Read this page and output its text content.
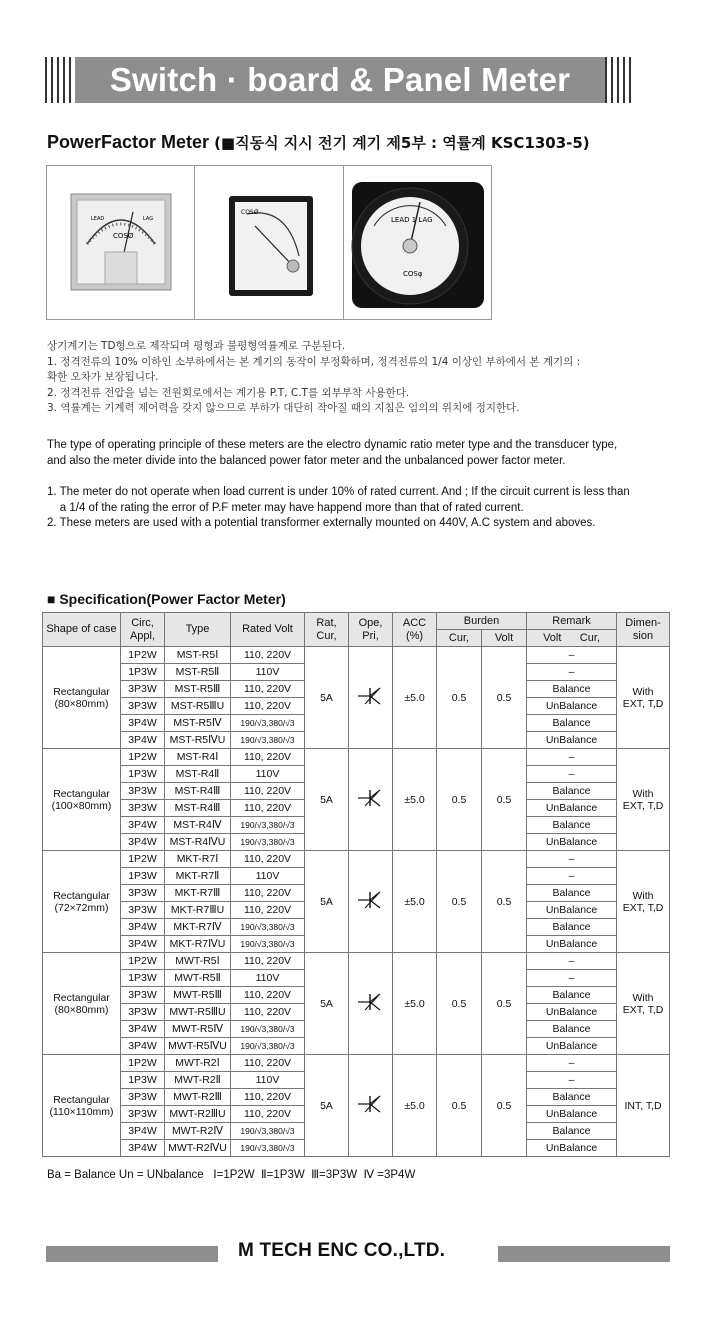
Switch · board & Panel Meter
PowerFactor Meter (■직동식 지시 전기 계기 제5부 : 역률계 KSC1303-5)
LEAD	LAG
COSØ
COSØ
LEAD 1 LAG
COSφ
상기계기는 TD형으로 제작되며 평형과 불평형역률계로 구분된다.
1. 정격전류의 10% 이하인 소부하에서는 본 계기의 동작이 부정확하며, 정격전류의 1/4 이상인 부하에서 본 계기의 :
확한 오차가 보장됩니다.
2. 정격전류 전압을 넘는 전원회로에서는 계기용 P.T, C.T를 외부부착 사용한다.
3. 역률계는 기계력 제어력을 갖지 않으므로 부하가 대단히 작아질 때의 지침은 임의의 위치에 정지한다.
The type of operating principle of these meters are the electro dynamic ratio meter type and the transducer type,
and also the meter divide into the balanced power fator meter and the unbalanced power factor meter.
1. The meter do not operate when load current is under 10% of rated current. And ; If the circuit current is less than
a 1/4 of the rating the error of P.F meter may have happend more than that of rated current.
2. These meters are used with a potential transformer externally mounted on 440V, A.C system and aboves.
■ Specification(Power Factor Meter)
Shape of case	Circ, Appl,	Type	Rated Volt	Rat, Cur,	Ope, Pri,	ACC (%)	Burden		Remark	Dimen- sion
							Cur,	Volt	Volt Cur,	
Rectangular (80×80mm)	1P2W	MST-R5Ⅰ	110, 220V	5A		±5.0	0.5	0.5	–	With EXT, T,D
	1P3W	MST-R5Ⅱ	110V						–	
	3P3W	MST-R5Ⅲ	110, 220V						Balance	
	3P3W	MST-R5ⅢU	110, 220V						UnBalance	
	3P4W	MST-R5Ⅳ	190/√3,380/√3						Balance	
	3P4W	MST-R5ⅣU	190/√3,380/√3						UnBalance	
Rectangular (100×80mm)	1P2W	MST-R4Ⅰ	110, 220V	5A		±5.0	0.5	0.5	–	With EXT, T,D
	1P3W	MST-R4Ⅱ	110V						–	
	3P3W	MST-R4Ⅲ	110, 220V						Balance	
	3P3W	MST-R4Ⅲ	110, 220V						UnBalance	
	3P4W	MST-R4Ⅳ	190/√3,380/√3						Balance	
	3P4W	MST-R4ⅣU	190/√3,380/√3						UnBalance	
Rectangular (72×72mm)	1P2W	MKT-R7Ⅰ	110, 220V	5A		±5.0	0.5	0.5	–	With EXT, T,D
	1P3W	MKT-R7Ⅱ	110V						–	
	3P3W	MKT-R7Ⅲ	110, 220V						Balance	
	3P3W	MKT-R7ⅢU	110, 220V						UnBalance	
	3P4W	MKT-R7Ⅳ	190/√3,380/√3						Balance	
	3P4W	MKT-R7ⅣU	190/√3,380/√3						UnBalance	
Rectangular (80×80mm)	1P2W	MWT-R5Ⅰ	110, 220V	5A		±5.0	0.5	0.5	–	With EXT, T,D
	1P3W	MWT-R5Ⅱ	110V						–	
	3P3W	MWT-R5Ⅲ	110, 220V						Balance	
	3P3W	MWT-R5ⅢU	110, 220V						UnBalance	
	3P4W	MWT-R5Ⅳ	190/√3,380/√3						Balance	
	3P4W	MWT-R5ⅣU	190/√3,380/√3						UnBalance	
Rectangular (110×110mm)	1P2W	MWT-R2Ⅰ	110, 220V	5A		±5.0	0.5	0.5	–	INT, T,D
	1P3W	MWT-R2Ⅱ	110V						–	
	3P3W	MWT-R2Ⅲ	110, 220V						Balance	
	3P3W	MWT-R2ⅢU	110, 220V						UnBalance	
	3P4W	MWT-R2Ⅳ	190/√3,380/√3						Balance	
	3P4W	MWT-R2ⅣU	190/√3,380/√3						UnBalance	
Ba = Balance Un = UNbalance   Ⅰ=1P2W  Ⅱ=1P3W  Ⅲ=3P3W  Ⅳ =3P4W
M TECH ENC CO.,LTD.
